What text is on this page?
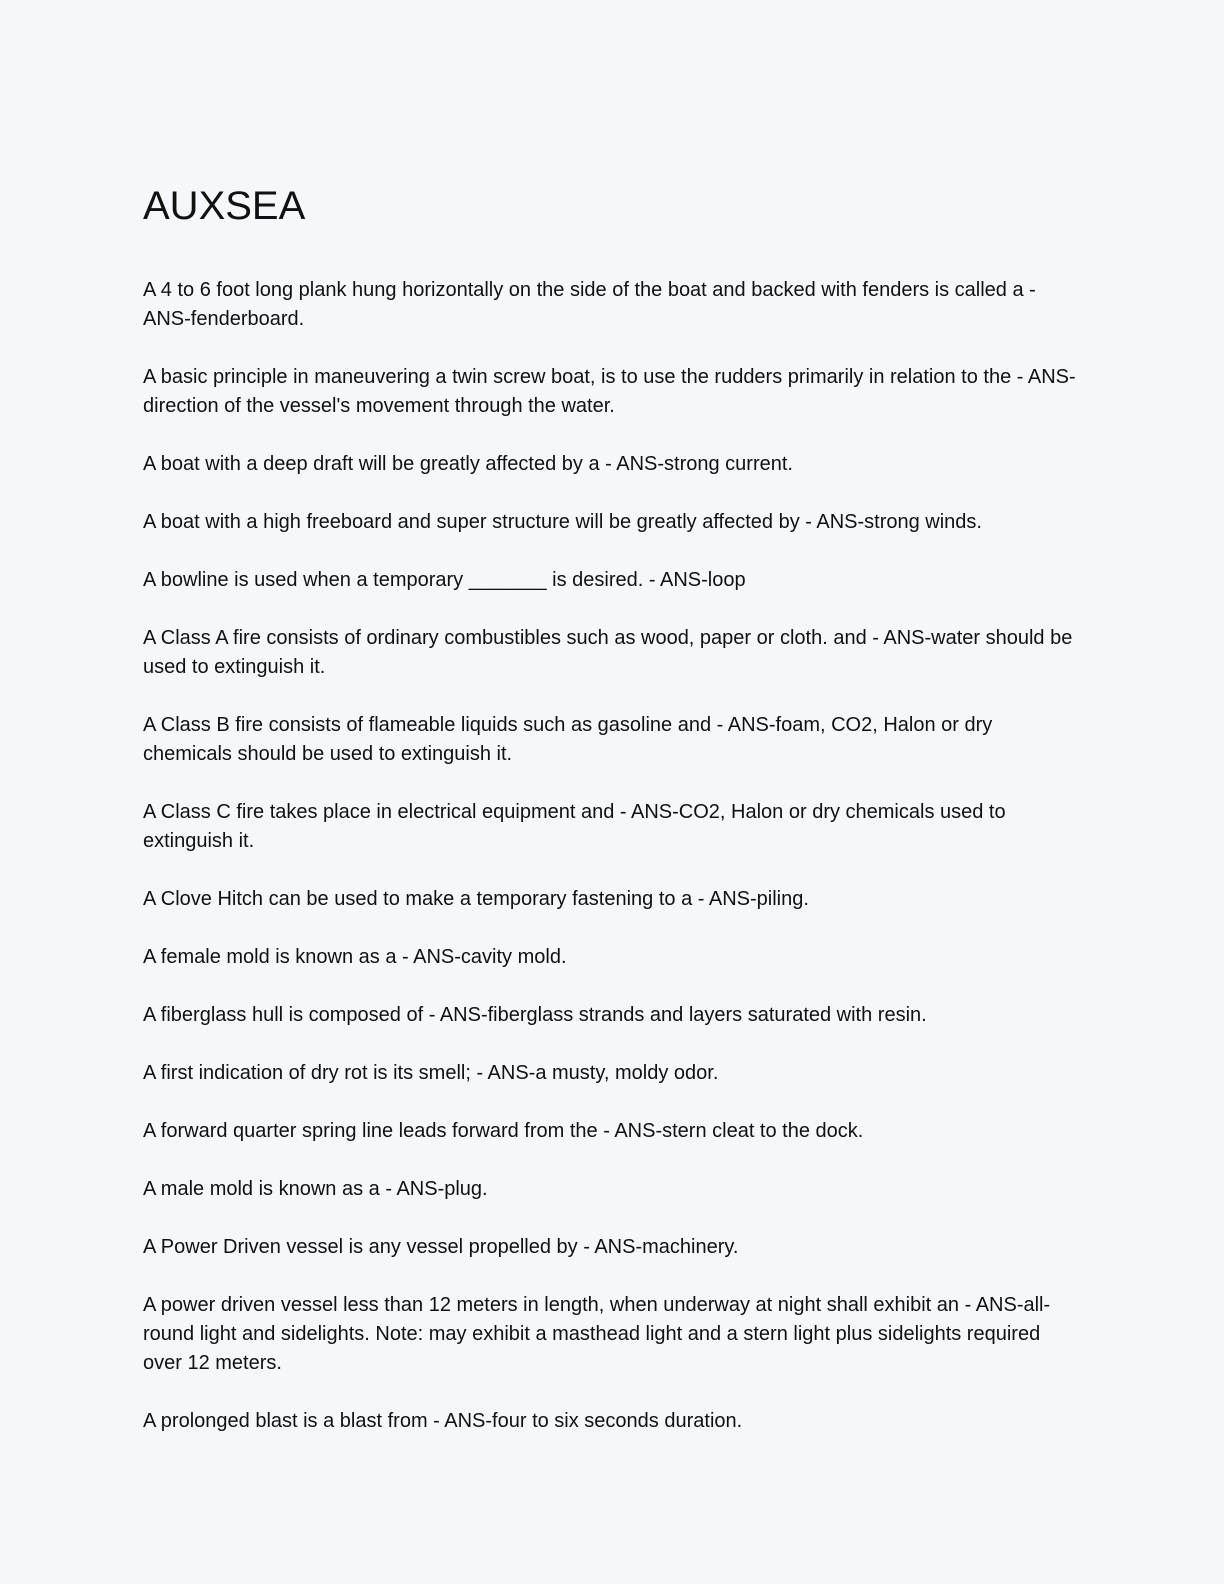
AUXSEA
A 4 to 6 foot long plank hung horizontally on the side of the boat and backed with fenders is called a - ANS-fenderboard.
A basic principle in maneuvering a twin screw boat, is to use the rudders primarily in relation to the - ANS-direction of the vessel's movement through the water.
A boat with a deep draft will be greatly affected by a - ANS-strong current.
A boat with a high freeboard and super structure will be greatly affected by - ANS-strong winds.
A bowline is used when a temporary _______ is desired. - ANS-loop
A Class A fire consists of ordinary combustibles such as wood, paper or cloth. and - ANS-water should be used to extinguish it.
A Class B fire consists of flameable liquids such as gasoline and - ANS-foam, CO2, Halon or dry chemicals should be used to extinguish it.
A Class C fire takes place in electrical equipment and - ANS-CO2, Halon or dry chemicals used to extinguish it.
A Clove Hitch can be used to make a temporary fastening to a - ANS-piling.
A female mold is known as a - ANS-cavity mold.
A fiberglass hull is composed of - ANS-fiberglass strands and layers saturated with resin.
A first indication of dry rot is its smell; - ANS-a musty, moldy odor.
A forward quarter spring line leads forward from the - ANS-stern cleat to the dock.
A male mold is known as a - ANS-plug.
A Power Driven vessel is any vessel propelled by - ANS-machinery.
A power driven vessel less than 12 meters in length, when underway at night shall exhibit an - ANS-all-round light and sidelights. Note: may exhibit a masthead light and a stern light plus sidelights required over 12 meters.
A prolonged blast is a blast from - ANS-four to six seconds duration.
